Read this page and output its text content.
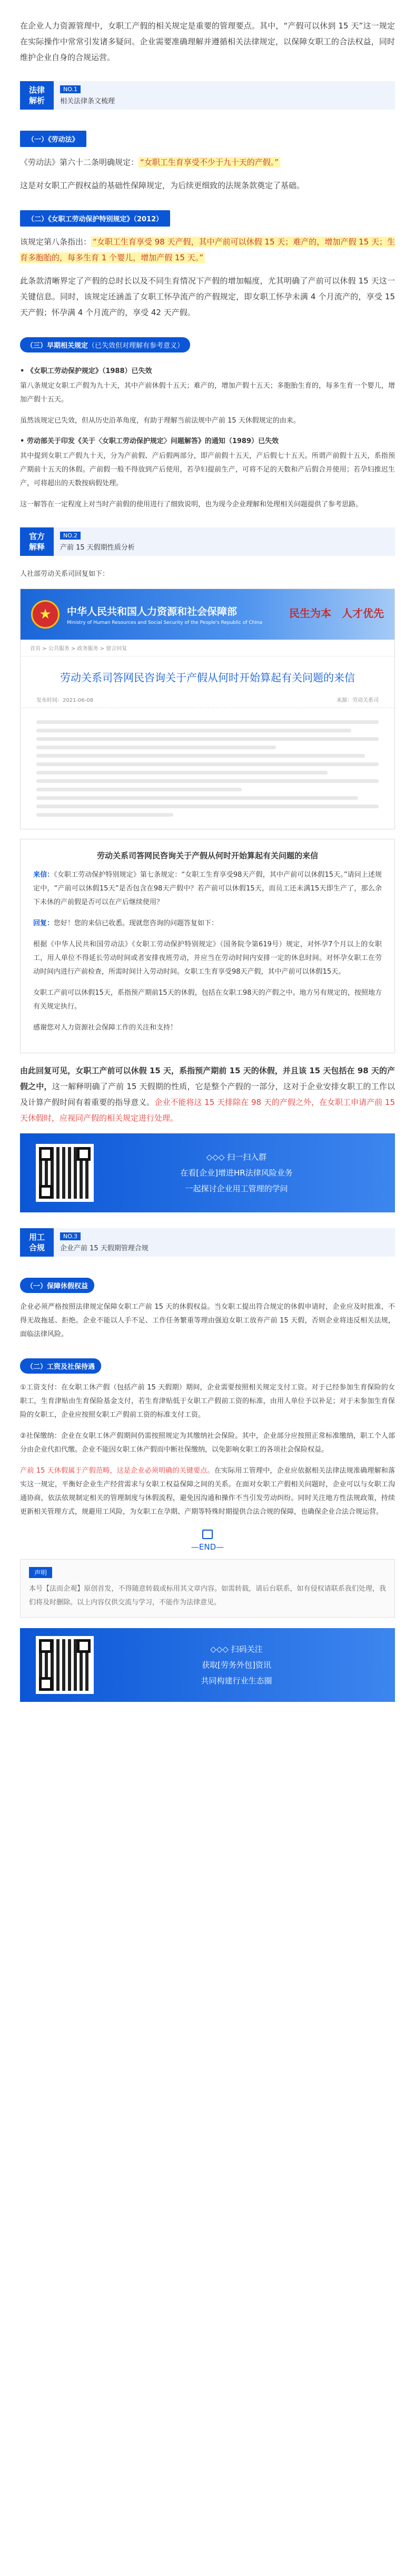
在企业人力资源管理中，女职工产假的相关规定是重要的管理要点。其中，“产假可以休到 15 天”这一规定在实际操作中常常引发诸多疑问。企业需要准确理解并遵循相关法律规定，以保障女职工的合法权益，同时维护企业自身的合规运营。

法律
解析
NO.1
相关法律条文梳理
（一）《劳动法》

《劳动法》第六十二条明确规定： “女职工生育享受不少于九十天的产假。”

这是对女职工产假权益的基础性保障规定，为后续更细致的法规条款奠定了基础。

（二）《女职工劳动保护特别规定》（2012）

该规定第八条指出： “女职工生育享受 98 天产假，其中产前可以休假 15 天；难产的，增加产假 15 天；生育多胞胎的，每多生育 1 个婴儿，增加产假 15 天。”

此条款清晰界定了产假的总时长以及不同生育情况下产假的增加幅度，尤其明确了产前可以休假 15 天这一关键信息。同时，该规定还涵盖了女职工怀孕流产的产假规定，即女职工怀孕未满 4 个月流产的，享受 15 天产假；怀孕满 4 个月流产的，享受 42 天产假。

（三）早期相关规定（已失效但对理解有参考意义）
• 《女职工劳动保护规定》（1988）已失效

第八条规定女职工产假为九十天，其中产前休假十五天；难产的，增加产假十五天；多胞胎生育的，每多生育一个婴儿，增加产假十五天。

虽然该规定已失效，但从历史沿革角度，有助于理解当前法规中产前 15 天休假规定的由来。

• 劳动部关于印发《关于〈女职工劳动保护规定〉问题解答》的通知（1989）已失效

其中提到女职工产假九十天，分为产前假、产后假两部分，即产前假十五天，产后假七十五天。所谓产前假十五天，系指预产期前十五天的休假。产前假一般不得放到产后使用，若孕妇提前生产，可将不足的天数和产后假合并使用；若孕妇推迟生产，可将超出的天数按病假处理。

这一解答在一定程度上对当时产前假的使用进行了细致说明，也为现今企业理解和处理相关问题提供了参考思路。

官方
解释
NO.2
产前 15 天假期性质分析

人社部劳动关系司回复如下：

★	中华人民共和国人力资源和社会保障部
Ministry of Human Resources and Social Security of the People's Republic of China
民生为本　人才优先
首页 > 公共服务 > 政务服务 > 留言回复
劳动关系司答网民咨询关于产假从何时开始算起有关问题的来信
发布时间：2021-06-08	来源：劳动关系司
劳动关系司答网民咨询关于产假从何时开始算起有关问题的来信

来信：《女职工劳动保护特别规定》第七条规定：“女职工生育享受98天产假，其中产前可以休假15天。”请问上述规定中，“产前可以休假15天”是否包含在98天产假中？若产前可以休假15天，而员工还未满15天即生产了，那么余下未休的产前假是否可以在产后继续使用？

回复：您好！您的来信已收悉。现就您咨询的问题答复如下：

根据《中华人民共和国劳动法》《女职工劳动保护特别规定》（国务院令第619号）规定，对怀孕7个月以上的女职工，用人单位不得延长劳动时间或者安排夜班劳动，并应当在劳动时间内安排一定的休息时间。对怀孕女职工在劳动时间内进行产前检查，所需时间计入劳动时间。女职工生育享受98天产假，其中产前可以休假15天。

女职工产前可以休假15天，系指预产期前15天的休假，包括在女职工98天的产假之中。地方另有规定的，按照地方有关规定执行。

感谢您对人力资源社会保障工作的关注和支持！

由此回复可见，女职工产前可以休假 15 天，系指预产期前 15 天的休假，并且该 15 天包括在 98 天的产假之中，这一解释明确了产前 15 天假期的性质，它是整个产假的一部分，这对于企业安排女职工的工作以及计算产假时间有着重要的指导意义。企业不能将这 15 天排除在 98 天的产假之外，在女职工申请产前 15 天休假时，应视同产假的相关规定进行处理。

◇◇◇ 扫一扫入群
在看[企业]增进HR法律风险业务
一起探讨企业用工管理的学问
用工
合规
NO.3
企业产前 15 天假期管理合规
（一）保障休假权益

企业必须严格按照法律规定保障女职工产前 15 天的休假权益。当女职工提出符合规定的休假申请时，企业应及时批准，不得无故拖延、拒绝。企业不能以人手不足、工作任务繁重等理由强迫女职工放弃产前 15 天假，否则企业将违反相关法规，面临法律风险。

（二）工资及社保待遇

①工资支付：在女职工休产假（包括产前 15 天假期）期间，企业需要按照相关规定支付工资。对于已经参加生育保险的女职工，生育津贴由生育保险基金支付，若生育津贴低于女职工产假前工资的标准，由用人单位予以补足；对于未参加生育保险的女职工，企业应按照女职工产假前工资的标准支付工资。

②社保缴纳：企业在女职工休产假期间仍需按照规定为其缴纳社会保险。其中，企业部分应按照正常标准缴纳，职工个人部分由企业代扣代缴。企业不能因女职工休产假而中断社保缴纳，以免影响女职工的各项社会保险权益。

产前 15 天休假属于产假范畴，这是企业必须明确的关键要点。在实际用工管理中，企业应依据相关法律法规准确理解和落实这一规定，平衡好企业生产经营需求与女职工权益保障之间的关系。在面对女职工产假相关问题时，企业可以与女职工沟通协商，依法依规制定相关的管理制度与休假流程，避免因沟通和操作不当引发劳动纠纷。同时关注地方性法规政策，持续更新相关管理方式，规避用工风险，为女职工在孕期、产期等特殊时期提供合法合规的保障，也确保企业合法合规运营。

—END—
声明

本号【法而企观】原创首发，不得随意转载或标用其文章内容。如需转载，请后台联系，如有侵权请联系我们处理，我们将及时删除。以上内容仅供交流与学习，不能作为法律意见。

◇◇◇ 扫码关注
获取[劳务外包]资讯
共同构建行业生态圈
